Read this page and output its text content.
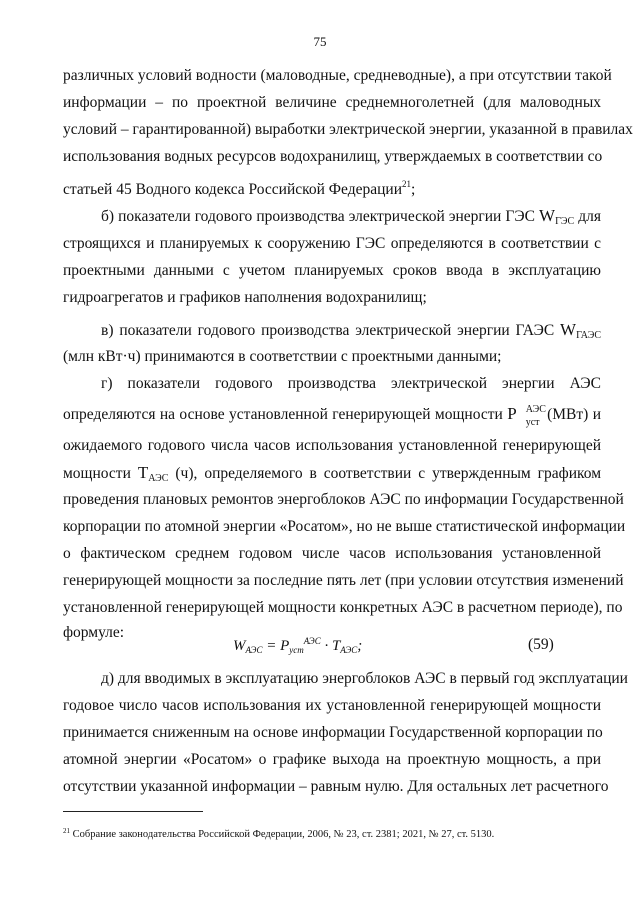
75
различных условий водности (маловодные, средневодные), а при отсутствии такой
информации – по проектной величине среднемноголетней (для маловодных
условий – гарантированной) выработки электрической энергии, указанной в правилах
использования водных ресурсов водохранилищ, утверждаемых в соответствии со
статьей 45 Водного кодекса Российской Федерации$^{21}$;
б) показатели годового производства электрической энергии ГЭС $W_{ГЭС}$ для
строящихся и планируемых к сооружению ГЭС определяются в соответствии с
проектными данными с учетом планируемых сроков ввода в эксплуатацию
гидроагрегатов и графиков наполнения водохранилищ;
в) показатели годового производства электрической энергии ГАЭС $W_{ГАЭС}$
(млн кВт·ч) принимаются в соответствии с проектными данными;
г) показатели годового производства электрической энергии АЭС
определяются на основе установленной генерирующей мощности P АЭС
уст (МВт) и
ожидаемого годового числа часов использования установленной генерирующей
мощности $T_{АЭС}$ (ч), определяемого в соответствии с утвержденным графиком
проведения плановых ремонтов энергоблоков АЭС по информации Государственной
корпорации по атомной энергии «Росатом», но не выше статистической информации
о фактическом среднем годовом числе часов использования установленной
генерирующей мощности за последние пять лет (при условии отсутствия изменений
установленной генерирующей мощности конкретных АЭС в расчетном периоде), по
формуле:
$W_{АЭС} = P_{уст}^{АЭС} \cdot T_{АЭС}$;	(59)
д) для вводимых в эксплуатацию энергоблоков АЭС в первый год эксплуатации
годовое число часов использования их установленной генерирующей мощности
принимается сниженным на основе информации Государственной корпорации по
атомной энергии «Росатом» о графике выхода на проектную мощность, а при
отсутствии указанной информации – равным нулю. Для остальных лет расчетного
$^{21}$ Собрание законодательства Российской Федерации, 2006, № 23, ст. 2381; 2021, № 27, ст. 5130.
